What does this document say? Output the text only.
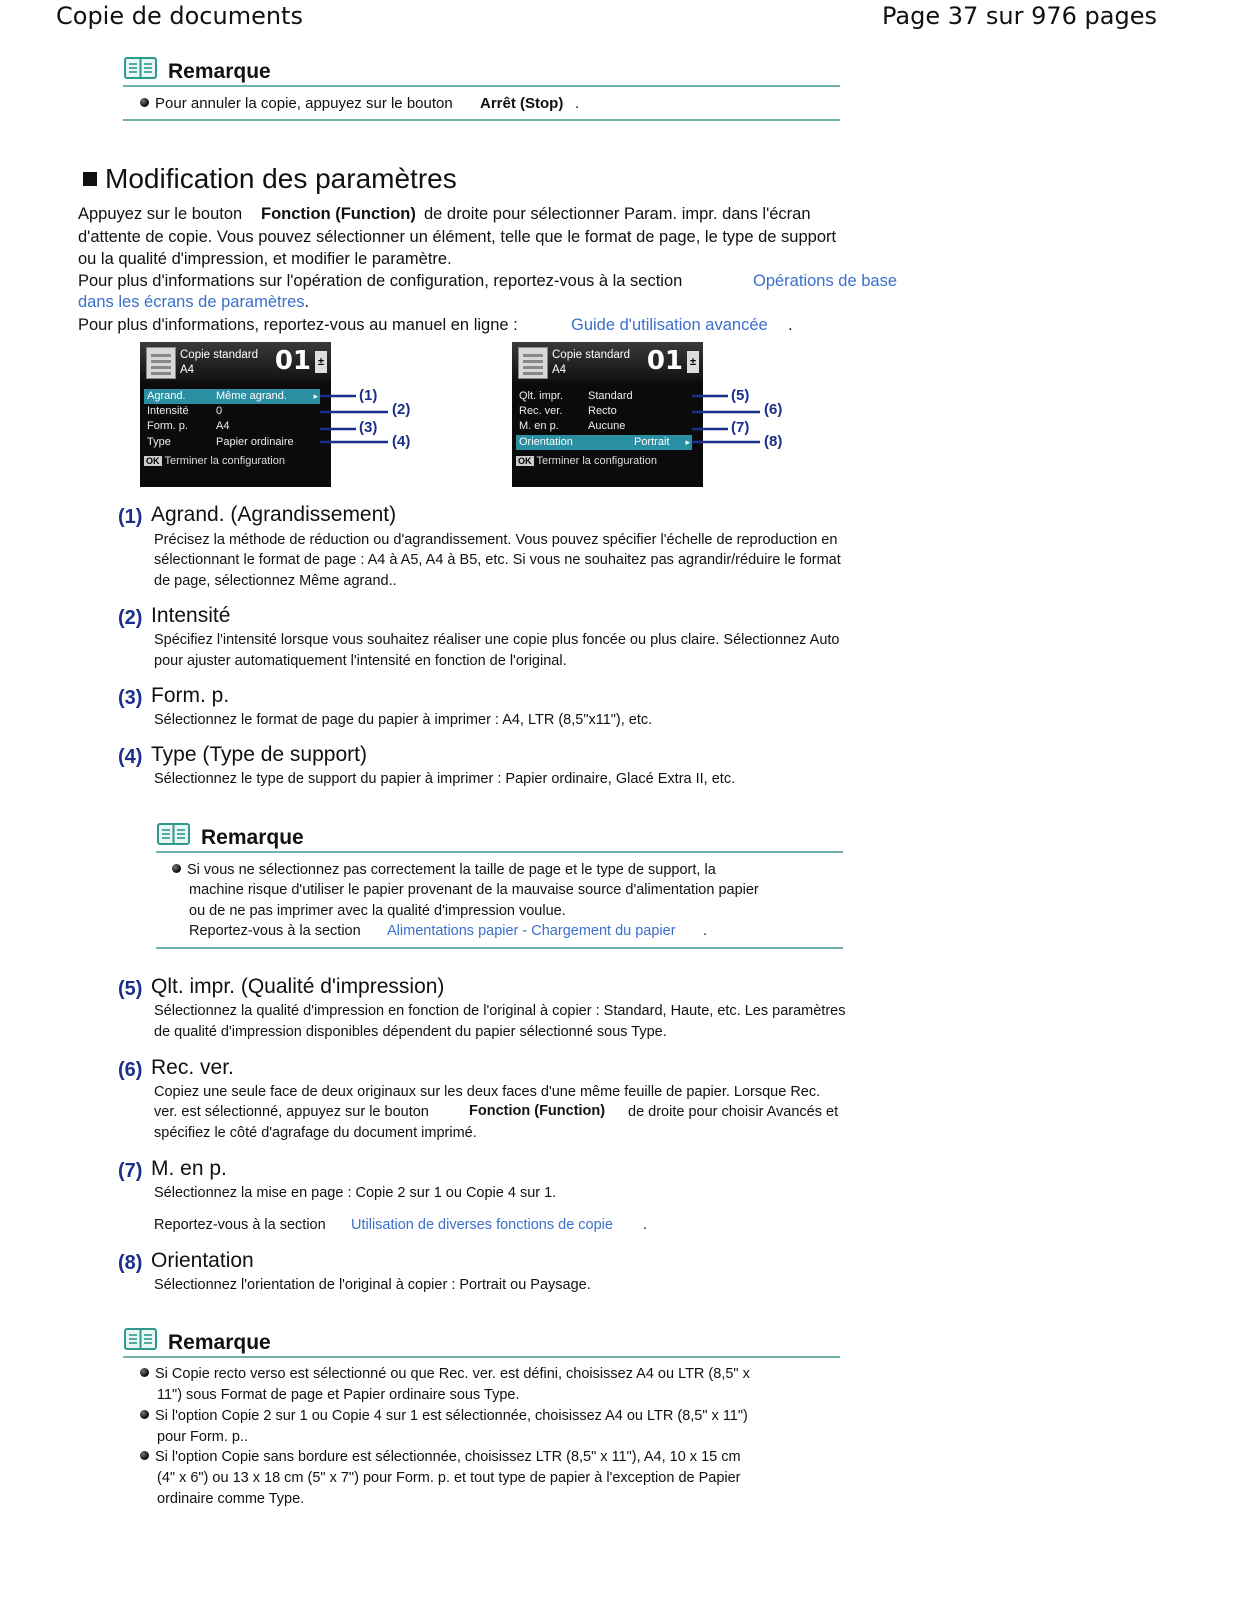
Copie de documents	Page 37 sur 976 pages
Remarque
Pour annuler la copie, appuyez sur le bouton Arrêt (Stop) .
Modification des paramètres
Appuyez sur le bouton Fonction (Function) de droite pour sélectionner Param. impr. dans l'écran
d'attente de copie. Vous pouvez sélectionner un élément, telle que le format de page, le type de support
ou la qualité d'impression, et modifier le paramètre.
Pour plus d'informations sur l'opération de configuration, reportez-vous à la section	Opérations de base
dans les écrans de paramètres.
Pour plus d'informations, reportez-vous au manuel en ligne :	Guide d'utilisation avancée .
Copie standard
A4	01 ±
Agrand.	Même agrand.	▸
Intensité 0
Form. p.	A4
Type	Papier ordinaire
OK Terminer la configuration
(1)
(2)
(3)
(4)
Copie standard
A4	01 ±
Qlt. impr. Standard
Rec. ver. Recto
M. en p.	Aucune
Orientation	Portrait ▸
OK Terminer la configuration
(5)
(6)
(7)
(8)
(1) Agrand. (Agrandissement)
Précisez la méthode de réduction ou d'agrandissement. Vous pouvez spécifier l'échelle de reproduction en
sélectionnant le format de page : A4 à A5, A4 à B5, etc. Si vous ne souhaitez pas agrandir/réduire le format
de page, sélectionnez Même agrand..
(2) Intensité
Spécifiez l'intensité lorsque vous souhaitez réaliser une copie plus foncée ou plus claire. Sélectionnez Auto
pour ajuster automatiquement l'intensité en fonction de l'original.
(3) Form. p.
Sélectionnez le format de page du papier à imprimer : A4, LTR (8,5"x11"), etc.
(4) Type (Type de support)
Sélectionnez le type de support du papier à imprimer : Papier ordinaire, Glacé Extra II, etc.
Remarque
Si vous ne sélectionnez pas correctement la taille de page et le type de support, la
machine risque d'utiliser le papier provenant de la mauvaise source d'alimentation papier
ou de ne pas imprimer avec la qualité d'impression voulue.
Reportez-vous à la section Alimentations papier - Chargement du papier .
(5) Qlt. impr. (Qualité d'impression)
Sélectionnez la qualité d'impression en fonction de l'original à copier : Standard, Haute, etc. Les paramètres
de qualité d'impression disponibles dépendent du papier sélectionné sous Type.
(6) Rec. ver.
Copiez une seule face de deux originaux sur les deux faces d'une même feuille de papier. Lorsque Rec.
ver. est sélectionné, appuyez sur le bouton	Fonction (Function) de droite pour choisir Avancés et
spécifiez le côté d'agrafage du document imprimé.
(7) M. en p.
Sélectionnez la mise en page : Copie 2 sur 1 ou Copie 4 sur 1.
Reportez-vous à la section Utilisation de diverses fonctions de copie .
(8) Orientation
Sélectionnez l'orientation de l'original à copier : Portrait ou Paysage.
Remarque
Si Copie recto verso est sélectionné ou que Rec. ver. est défini, choisissez A4 ou LTR (8,5" x
11") sous Format de page et Papier ordinaire sous Type.
Si l'option Copie 2 sur 1 ou Copie 4 sur 1 est sélectionnée, choisissez A4 ou LTR (8,5" x 11")
pour Form. p..
Si l'option Copie sans bordure est sélectionnée, choisissez LTR (8,5" x 11"), A4, 10 x 15 cm
(4" x 6") ou 13 x 18 cm (5" x 7") pour Form. p. et tout type de papier à l'exception de Papier
ordinaire comme Type.
